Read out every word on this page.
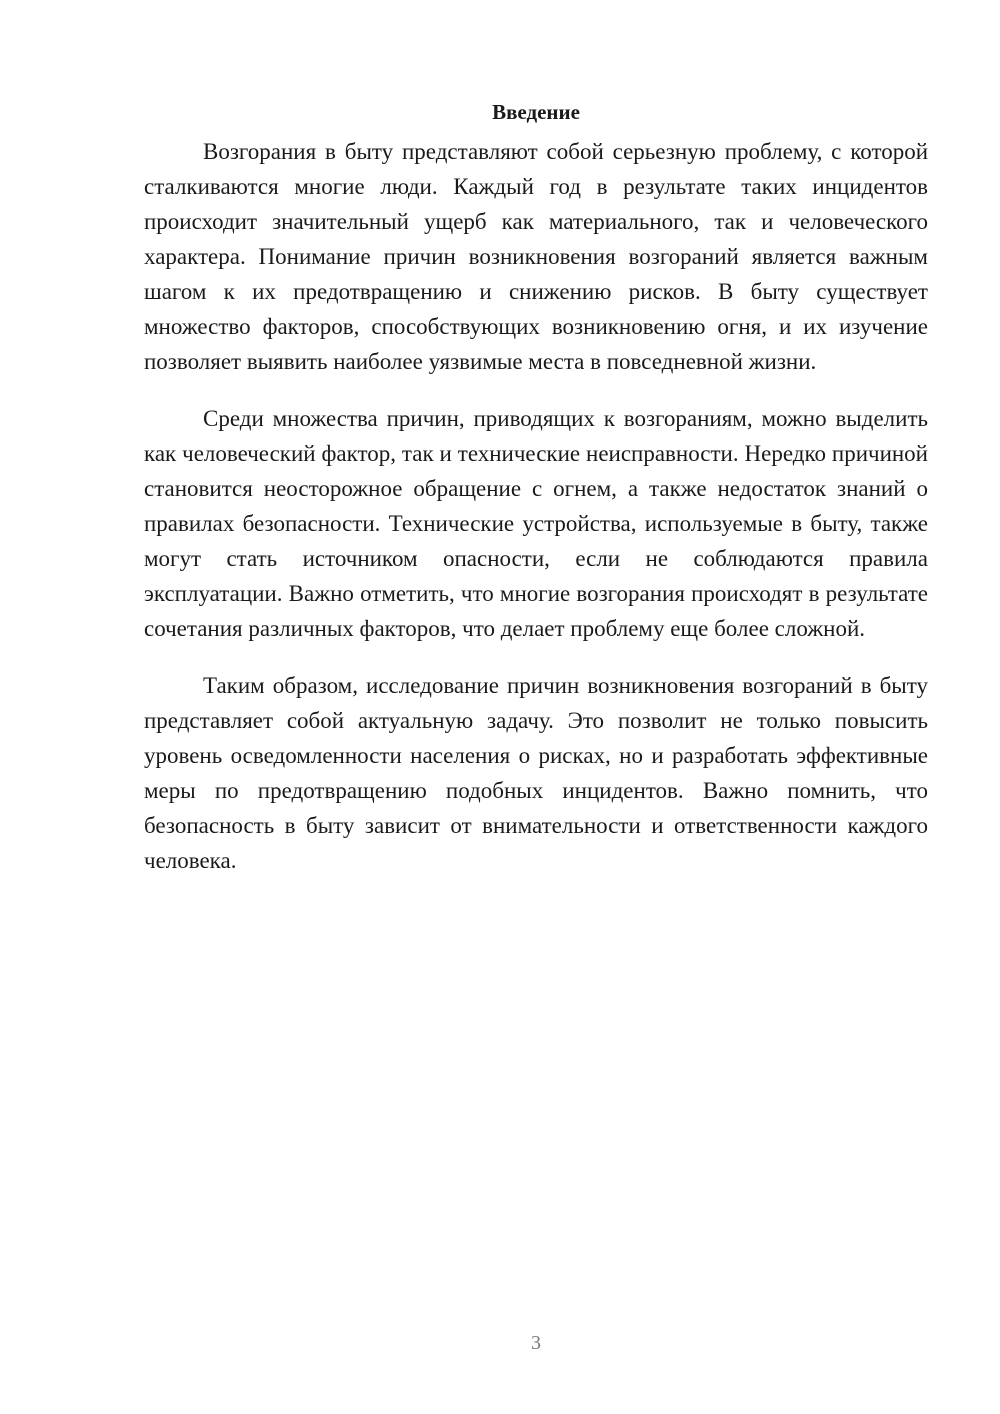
Введение

Возгорания в быту представляют собой серьезную проблему, с которой сталкиваются многие люди. Каждый год в результате таких инцидентов происходит значительный ущерб как материального, так и человеческого характера. Понимание причин возникновения возгораний является важным шагом к их предотвращению и снижению рисков. В быту существует множество факторов, способствующих возникновению огня, и их изучение позволяет выявить наиболее уязвимые места в повседневной жизни.

Среди множества причин, приводящих к возгораниям, можно выделить как человеческий фактор, так и технические неисправности. Нередко причиной становится неосторожное обращение с огнем, а также недостаток знаний о правилах безопасности. Технические устройства, используемые в быту, также могут стать источником опасности, если не соблюдаются правила эксплуатации. Важно отметить, что многие возгорания происходят в результате сочетания различных факторов, что делает проблему еще более сложной.

Таким образом, исследование причин возникновения возгораний в быту представляет собой актуальную задачу. Это позволит не только повысить уровень осведомленности населения о рисках, но и разработать эффективные меры по предотвращению подобных инцидентов. Важно помнить, что безопасность в быту зависит от внимательности и ответственности каждого человека.

3
